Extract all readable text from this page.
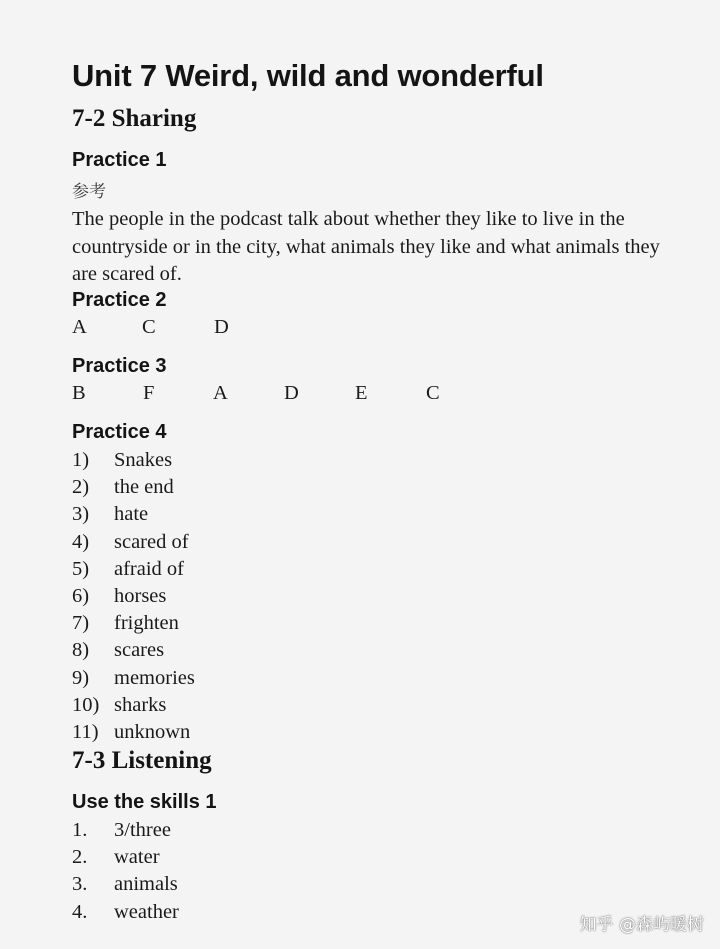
Unit 7 Weird, wild and wonderful
7-2 Sharing
Practice 1
参考

The people in the podcast talk about whether they like to live in the countryside or in the city, what animals they like and what animals they are scared of.

Practice 2
A	C	D
Practice 3
B	F	A	D	E	C
Practice 4
1) Snakes
2) the end
3) hate
4) scared of
5) afraid of
6) horses
7) frighten
8) scares
9) memories
10) sharks
11) unknown
7-3 Listening
Use the skills 1
1. 3/three
2. water
3. animals
4. weather
知乎 @森屿暖树
